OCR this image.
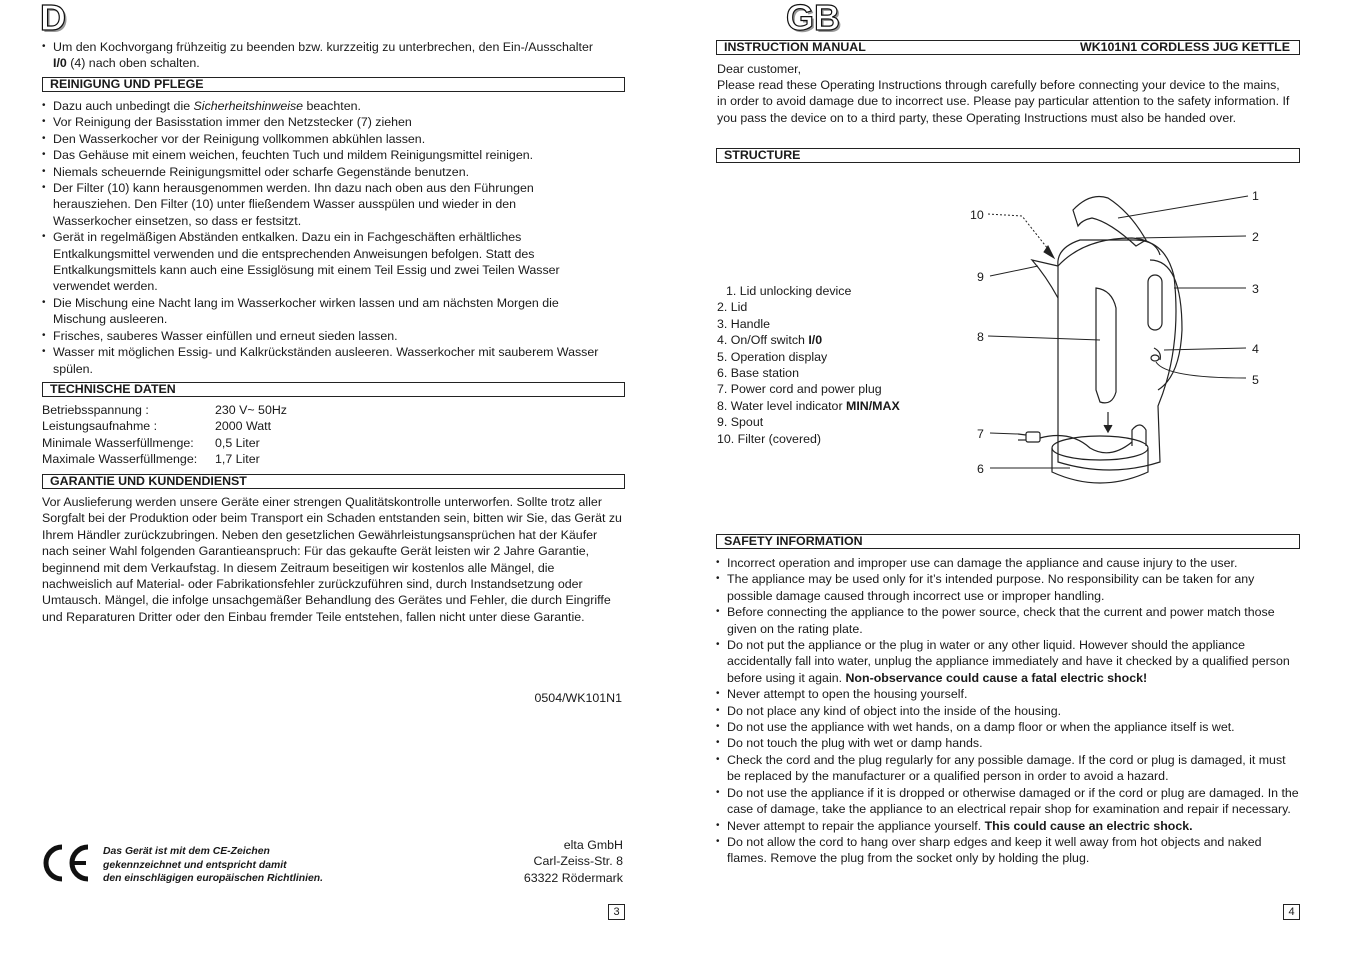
D
• Um den Kochvorgang frühzeitig zu beenden bzw. kurzzeitig zu unterbrechen, den Ein-/Ausschalter
I/0 (4) nach oben schalten.
REINIGUNG UND PFLEGE
• Dazu auch unbedingt die Sicherheitshinweise beachten.
• Vor Reinigung der Basisstation immer den Netzstecker (7) ziehen
• Den Wasserkocher vor der Reinigung vollkommen abkühlen lassen.
• Das Gehäuse mit einem weichen, feuchten Tuch und mildem Reinigungsmittel reinigen.
• Niemals scheuernde Reinigungsmittel oder scharfe Gegenstände benutzen.
• Der Filter (10) kann herausgenommen werden. Ihn dazu nach oben aus den Führungen herausziehen. Den Filter (10) unter fließendem Wasser ausspülen und wieder in den Wasserkocher einsetzen, so dass er festsitzt.
• Gerät in regelmäßigen Abständen entkalken. Dazu ein in Fachgeschäften erhältliches Entkalkungsmittel verwenden und die entsprechenden Anweisungen befolgen. Statt des Entkalkungsmittels kann auch eine Essiglösung mit einem Teil Essig und zwei Teilen Wasser verwendet werden.
• Die Mischung eine Nacht lang im Wasserkocher wirken lassen und am nächsten Morgen die Mischung ausleeren.
• Frisches, sauberes Wasser einfüllen und erneut sieden lassen.
• Wasser mit möglichen Essig- und Kalkrückständen ausleeren. Wasserkocher mit sauberem Wasser spülen.
TECHNISCHE DATEN
Betriebsspannung :	230 V~ 50Hz
Leistungsaufnahme :	2000 Watt
Minimale Wasserfüllmenge:	0,5 Liter
Maximale Wasserfüllmenge:	1,7 Liter
GARANTIE UND KUNDENDIENST

Vor Auslieferung werden unsere Geräte einer strengen Qualitätskontrolle unterworfen. Sollte trotz aller Sorgfalt bei der Produktion oder beim Transport ein Schaden entstanden sein, bitten wir Sie, das Gerät zu Ihrem Händler zurückzubringen. Neben den gesetzlichen Gewährleistungsansprüchen hat der Käufer nach seiner Wahl folgenden Garantieanspruch: Für das gekaufte Gerät leisten wir 2 Jahre Garantie, beginnend mit dem Verkaufstag. In diesem Zeitraum beseitigen wir kostenlos alle Mängel, die nachweislich auf Material- oder Fabrikationsfehler zurückzuführen sind, durch Instandsetzung oder Umtausch. Mängel, die infolge unsachgemäßer Behandlung des Gerätes und Fehler, die durch Eingriffe und Reparaturen Dritter oder den Einbau fremder Teile entstehen, fallen nicht unter diese Garantie.

0504/WK101N1
Das Gerät ist mit dem CE-Zeichen
gekennzeichnet und entspricht damit
den einschlägigen europäischen Richtlinien.
elta GmbH
Carl-Zeiss-Str. 8
63322 Rödermark
3
GB
INSTRUCTION MANUAL	WK101N1 CORDLESS JUG KETTLE
Dear customer,

Please read these Operating Instructions through carefully before connecting your device to the mains, in order to avoid damage due to incorrect use. Please pay particular attention to the safety information. If you pass the device on to a third party, these Operating Instructions must also be handed over.

STRUCTURE
1. Lid unlocking device
2. Lid
3. Handle
4. On/Off switch I/0
5. Operation display
6. Base station
7. Power cord and power plug
8. Water level indicator MIN/MAX
9. Spout
10. Filter (covered)
1
2
3
4
5
6
7
8
9
10
SAFETY INFORMATION
• Incorrect operation and improper use can damage the appliance and cause injury to the user.
• The appliance may be used only for it’s intended purpose. No responsibility can be taken for any possible damage caused through incorrect use or improper handling.
• Before connecting the appliance to the power source, check that the current and power match those given on the rating plate.
• Do not put the appliance or the plug in water or any other liquid. However should the appliance accidentally fall into water, unplug the appliance immediately and have it checked by a qualified person before using it again. Non-observance could cause a fatal electric shock!
• Never attempt to open the housing yourself.
• Do not place any kind of object into the inside of the housing.
• Do not use the appliance with wet hands, on a damp floor or when the appliance itself is wet.
• Do not touch the plug with wet or damp hands.
• Check the cord and the plug regularly for any possible damage. If the cord or plug is damaged, it must be replaced by the manufacturer or a qualified person in order to avoid a hazard.
• Do not use the appliance if it is dropped or otherwise damaged or if the cord or plug are damaged. In the case of damage, take the appliance to an electrical repair shop for examination and repair if necessary.
• Never attempt to repair the appliance yourself. This could cause an electric shock.
• Do not allow the cord to hang over sharp edges and keep it well away from hot objects and naked flames. Remove the plug from the socket only by holding the plug.
4
